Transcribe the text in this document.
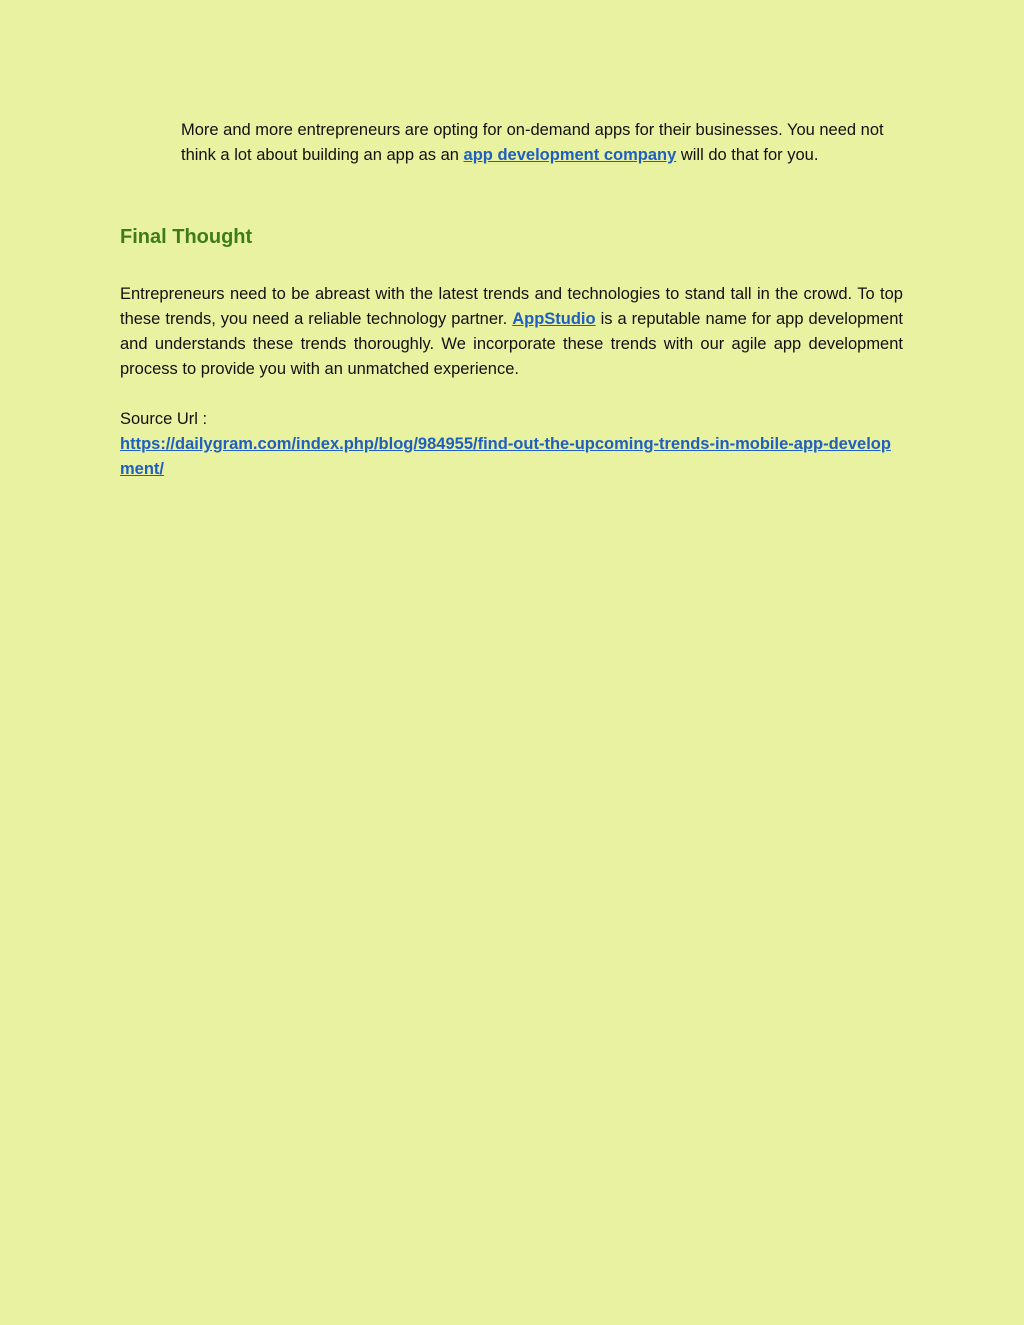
More and more entrepreneurs are opting for on-demand apps for their businesses. You need not think a lot about building an app as an app development company will do that for you.

Final Thought

Entrepreneurs need to be abreast with the latest trends and technologies to stand tall in the crowd. To top these trends, you need a reliable technology partner. AppStudio is a reputable name for app development and understands these trends thoroughly. We incorporate these trends with our agile app development process to provide you with an unmatched experience.

Source Url :

https://dailygram.com/index.php/blog/984955/find-out-the-upcoming-trends-in-mobile-app-development/
